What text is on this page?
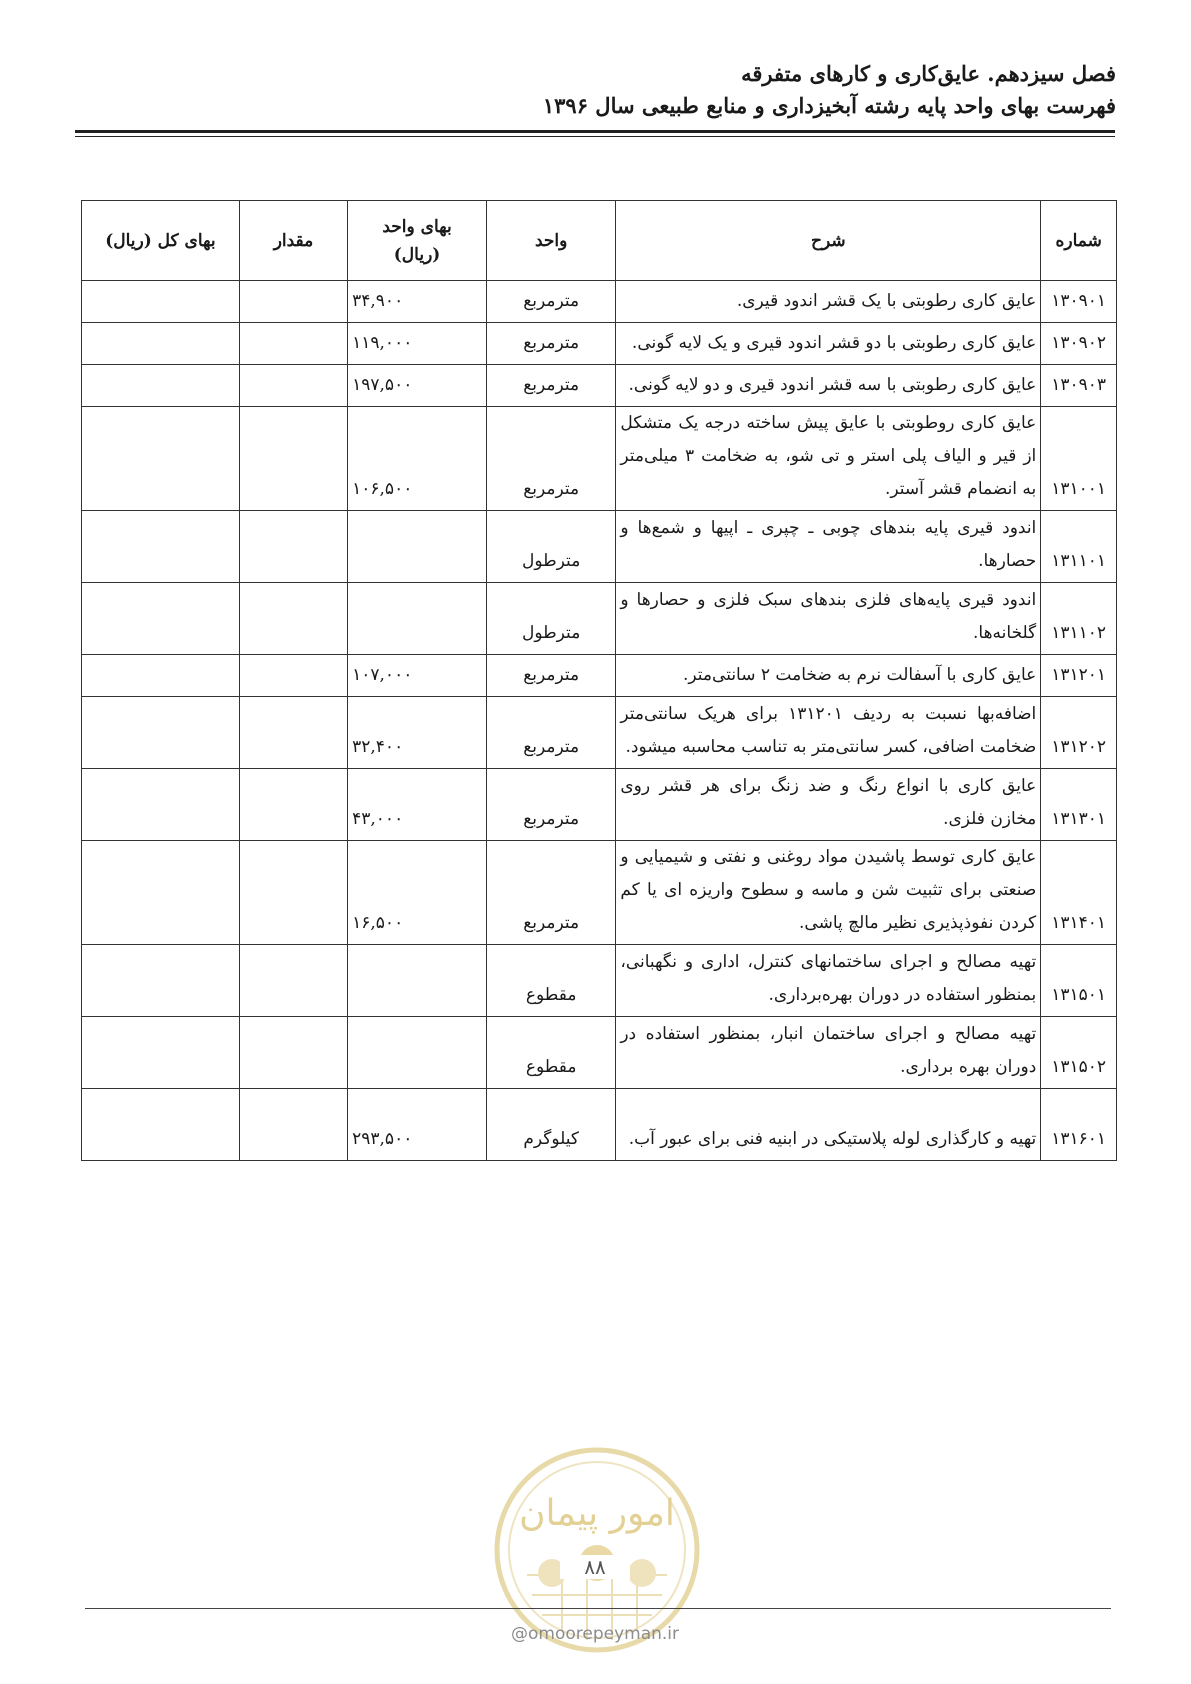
فصل سیزدهم. عایق‌کاری و کارهای متفرقه
فهرست بهای واحد پایه رشته آبخیزداری و منابع طبیعی سال ۱۳۹۶
شماره	شرح	واحد	بهای واحد (ریال)	مقدار	بهای کل (ریال)
۱۳۰۹۰۱	عایق کاری رطوبتی با یک قشر اندود قیری.	مترمربع	۳۴,۹۰۰		
۱۳۰۹۰۲	عایق کاری رطوبتی با دو قشر اندود قیری و یک لایه گونی.	مترمربع	۱۱۹,۰۰۰		
۱۳۰۹۰۳	عایق کاری رطوبتی با سه قشر اندود قیری و دو لایه گونی.	مترمربع	۱۹۷,۵۰۰		
۱۳۱۰۰۱	عایق کاری روطوبتی با عایق پیش ساخته درجه یک متشکل از قیر و الیاف پلی استر و تی شو، به ضخامت ۳ میلی‌متر به انضمام قشر آستر.	مترمربع	۱۰۶,۵۰۰		
۱۳۱۱۰۱	اندود قیری پایه بندهای چوبی ـ چپری ـ اپیها و شمع‌ها و حصارها.	مترطول			
۱۳۱۱۰۲	اندود قیری پایه‌های فلزی بندهای سبک فلزی و حصارها و گلخانه‌ها.	مترطول			
۱۳۱۲۰۱	عایق کاری با آسفالت نرم به ضخامت ۲ سانتی‌متر.	مترمربع	۱۰۷,۰۰۰		
۱۳۱۲۰۲	اضافه‌بها نسبت به ردیف ۱۳۱۲۰۱ برای هریک سانتی‌متر ضخامت اضافی، کسر سانتی‌متر به تناسب محاسبه میشود.	مترمربع	۳۲,۴۰۰		
۱۳۱۳۰۱	عایق کاری با انواع رنگ و ضد زنگ برای هر قشر روی مخازن فلزی.	مترمربع	۴۳,۰۰۰		
۱۳۱۴۰۱	عایق کاری توسط پاشیدن مواد روغنی و نفتی و شیمیایی و صنعتی برای تثبیت شن و ماسه و سطوح واریزه ای یا کم کردن نفوذپذیری نظیر مالچ پاشی.	مترمربع	۱۶,۵۰۰		
۱۳۱۵۰۱	تهیه مصالح و اجرای ساختمانهای کنترل، اداری و نگهبانی، بمنظور استفاده در دوران بهره‌برداری.	مقطوع			
۱۳۱۵۰۲	تهیه مصالح و اجرای ساختمان انبار، بمنظور استفاده در دوران بهره برداری.	مقطوع			
۱۳۱۶۰۱	تهیه و کارگذاری لوله پلاستیکی در ابنیه فنی برای عبور آب.	کیلوگرم	۲۹۳,۵۰۰		
امور پیمان
۸۸
@omoorepeyman.ir
